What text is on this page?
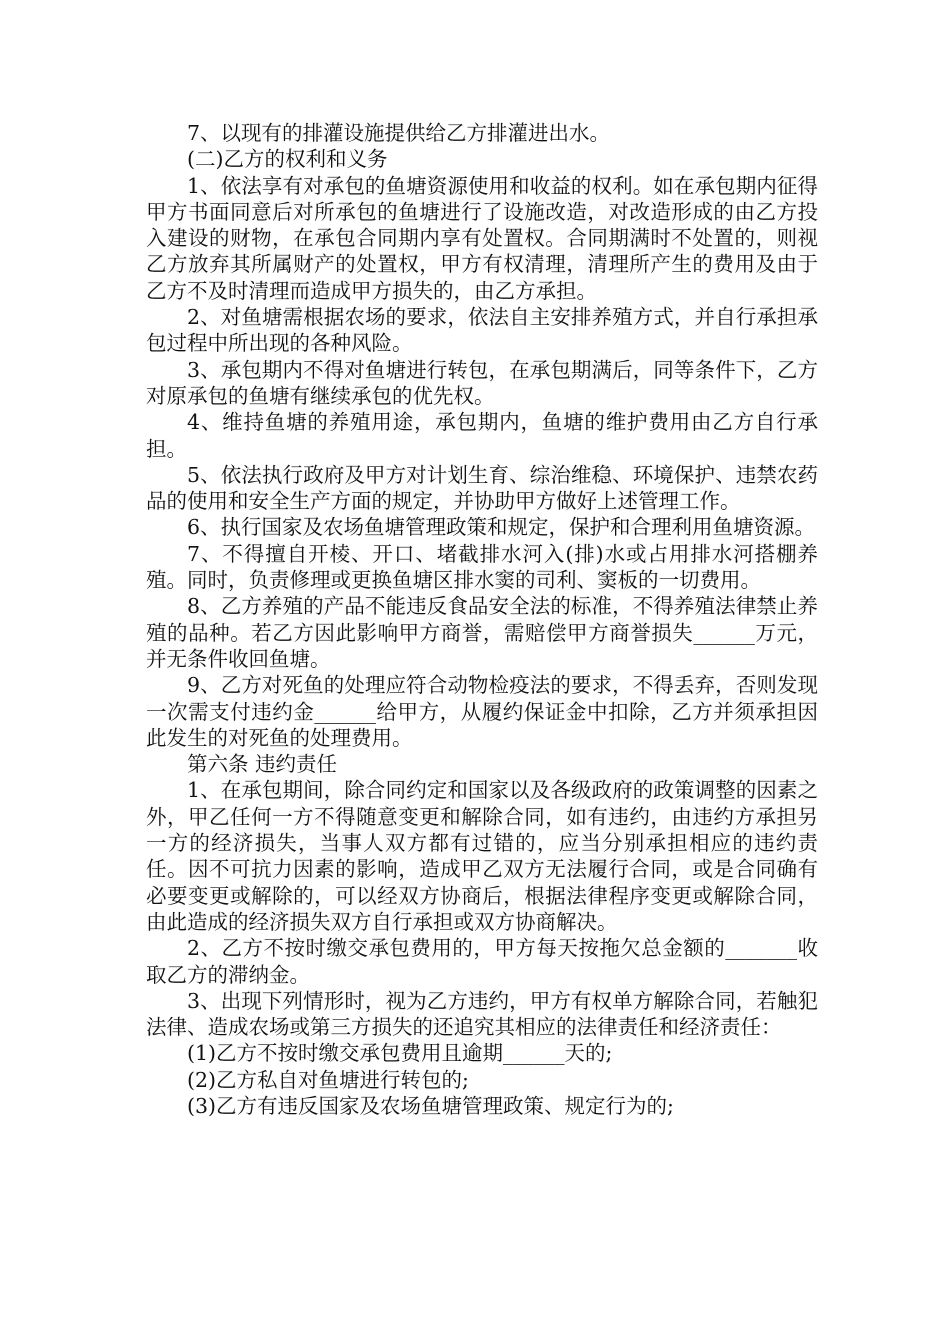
7、以现有的排灌设施提供给乙方排灌进出水。

(二)乙方的权利和义务

1、依法享有对承包的鱼塘资源使用和收益的权利。如在承包期内征得甲方书面同意后对所承包的鱼塘进行了设施改造，对改造形成的由乙方投入建设的财物，在承包合同期内享有处置权。合同期满时不处置的，则视乙方放弃其所属财产的处置权，甲方有权清理，清理所产生的费用及由于乙方不及时清理而造成甲方损失的，由乙方承担。

2、对鱼塘需根据农场的要求，依法自主安排养殖方式，并自行承担承包过程中所出现的各种风险。

3、承包期内不得对鱼塘进行转包，在承包期满后，同等条件下，乙方对原承包的鱼塘有继续承包的优先权。

4、维持鱼塘的养殖用途，承包期内，鱼塘的维护费用由乙方自行承担。

5、依法执行政府及甲方对计划生育、综治维稳、环境保护、违禁农药品的使用和安全生产方面的规定，并协助甲方做好上述管理工作。

6、执行国家及农场鱼塘管理政策和规定，保护和合理利用鱼塘资源。

7、不得擅自开棱、开口、堵截排水河入(排)水或占用排水河搭棚养殖。同时，负责修理或更换鱼塘区排水窦的司利、窦板的一切费用。

8、乙方养殖的产品不能违反食品安全法的标准，不得养殖法律禁止养殖的品种。若乙方因此影响甲方商誉，需赔偿甲方商誉损失______万元，并无条件收回鱼塘。

9、乙方对死鱼的处理应符合动物检疫法的要求，不得丢弃，否则发现一次需支付违约金______给甲方，从履约保证金中扣除，乙方并须承担因此发生的对死鱼的处理费用。

第六条 违约责任

1、在承包期间，除合同约定和国家以及各级政府的政策调整的因素之外，甲乙任何一方不得随意变更和解除合同，如有违约，由违约方承担另一方的经济损失，当事人双方都有过错的，应当分别承担相应的违约责任。因不可抗力因素的影响，造成甲乙双方无法履行合同，或是合同确有必要变更或解除的，可以经双方协商后，根据法律程序变更或解除合同，由此造成的经济损失双方自行承担或双方协商解决。

2、乙方不按时缴交承包费用的，甲方每天按拖欠总金额的_______收取乙方的滞纳金。

3、出现下列情形时，视为乙方违约，甲方有权单方解除合同，若触犯法律、造成农场或第三方损失的还追究其相应的法律责任和经济责任：

(1)乙方不按时缴交承包费用且逾期______天的;

(2)乙方私自对鱼塘进行转包的;

(3)乙方有违反国家及农场鱼塘管理政策、规定行为的;
